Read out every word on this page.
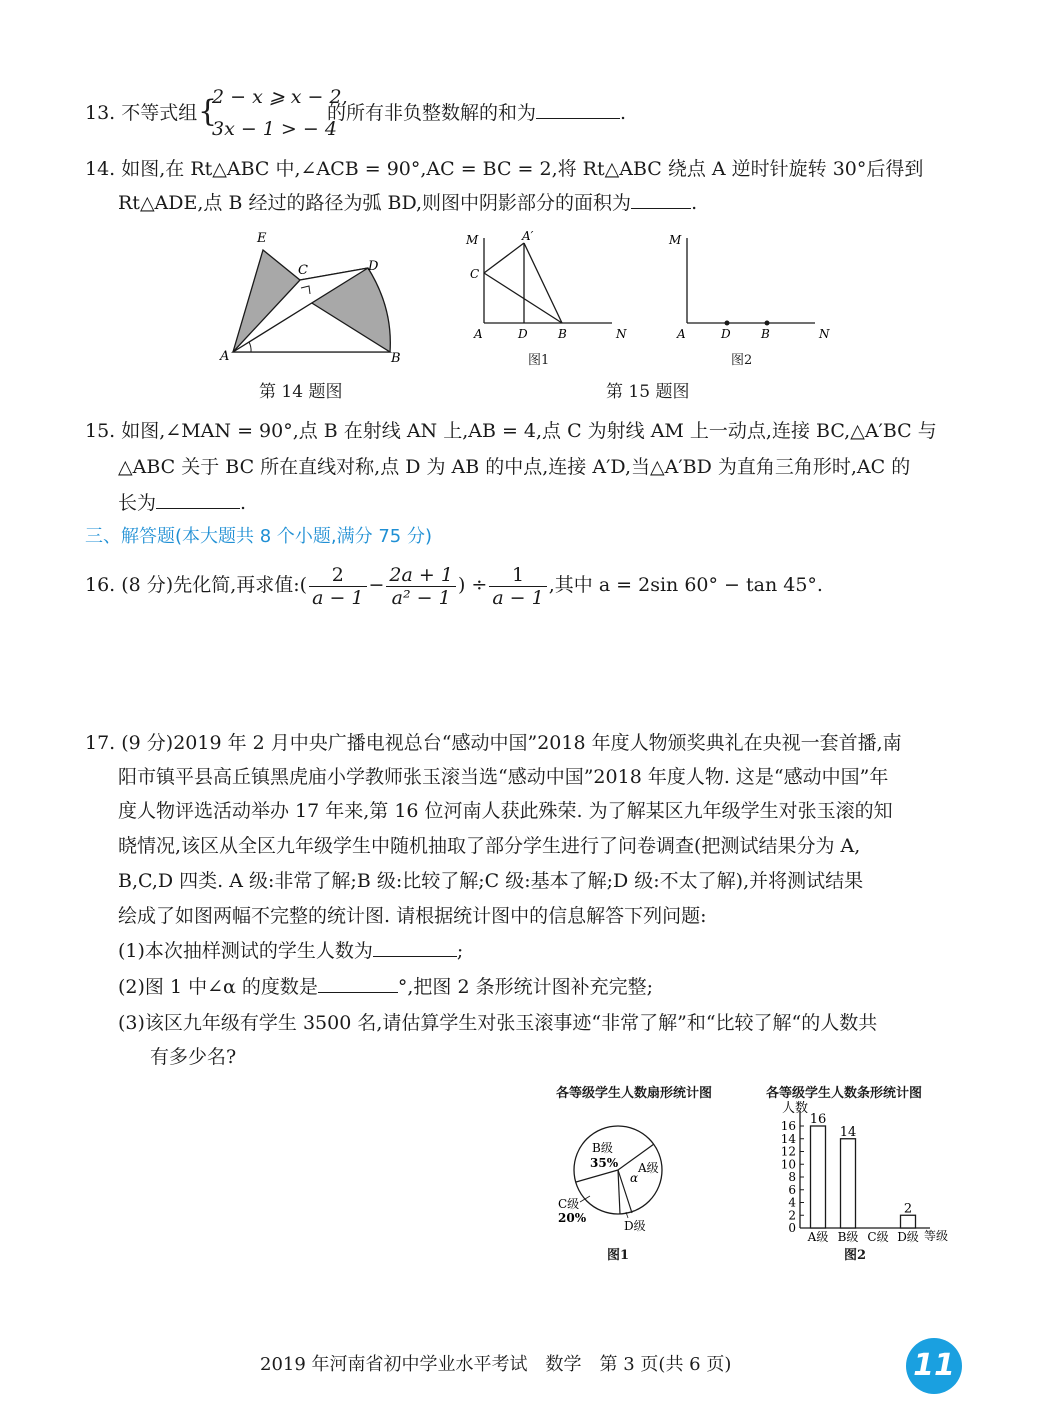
13. 不等式组 {
2 − x ⩾ x − 2,
3x − 1 > − 4
的所有非负整数解的和为	.
14. 如图,在 Rt△ABC 中,∠ACB = 90°,AC = BC = 2,将 Rt△ABC 绕点 A 逆时针旋转 30°后得到
Rt△ADE,点 B 经过的路径为弧 BD,则图中阴影部分的面积为	.
E
C	D
A	B
第 14 题图
M	A′
C
A	D	B	N
图1
M
A	D	B	N
图2
第 15 题图
15. 如图,∠MAN = 90°,点 B 在射线 AN 上,AB = 4,点 C 为射线 AM 上一动点,连接 BC,△A′BC 与
△ABC 关于 BC 所在直线对称,点 D 为 AB 的中点,连接 A′D,当△A′BD 为直角三角形时,AC 的
长为	.
三、解答题(本大题共 8 个小题,满分 75 分)
16. (8 分)先化简,再求值:( $\frac{2}{a - 1} - \frac{2a + 1}{\text{a² − 1}}$ ) ÷ $\frac{1}{a - 1}$ ,其中 a = 2sin 60° − tan 45°.
17. (9 分)2019 年 2 月中央广播电视总台“感动中国”2018 年度人物颁奖典礼在央视一套首播,南
阳市镇平县高丘镇黑虎庙小学教师张玉滚当选“感动中国”2018 年度人物. 这是“感动中国”年
度人物评选活动举办 17 年来,第 16 位河南人获此殊荣. 为了解某区九年级学生对张玉滚的知
晓情况,该区从全区九年级学生中随机抽取了部分学生进行了问卷调查(把测试结果分为 A,
B,C,D 四类. A 级:非常了解;B 级:比较了解;C 级:基本了解;D 级:不太了解),并将测试结果
绘成了如图两幅不完整的统计图. 请根据统计图中的信息解答下列问题:
(1)本次抽样测试的学生人数为	;
(2)图 1 中∠α 的度数是	°,把图 2 条形统计图补充完整;
(3)该区九年级有学生 3500 名,请估算学生对张玉滚事迹“非常了解”和“比较了解“的人数共
有多少名?
各等级学生人数扇形统计图
B级
35% A级
α
C级
20%
D级
图1
各等级学生人数条形统计图
人数
0
2
4
6
8
10
12
14
16 16
14
2
A级 B级 C级 D级 等级
图2
2019 年河南省初中学业水平考试　数学　第 3 页(共 6 页)	11
